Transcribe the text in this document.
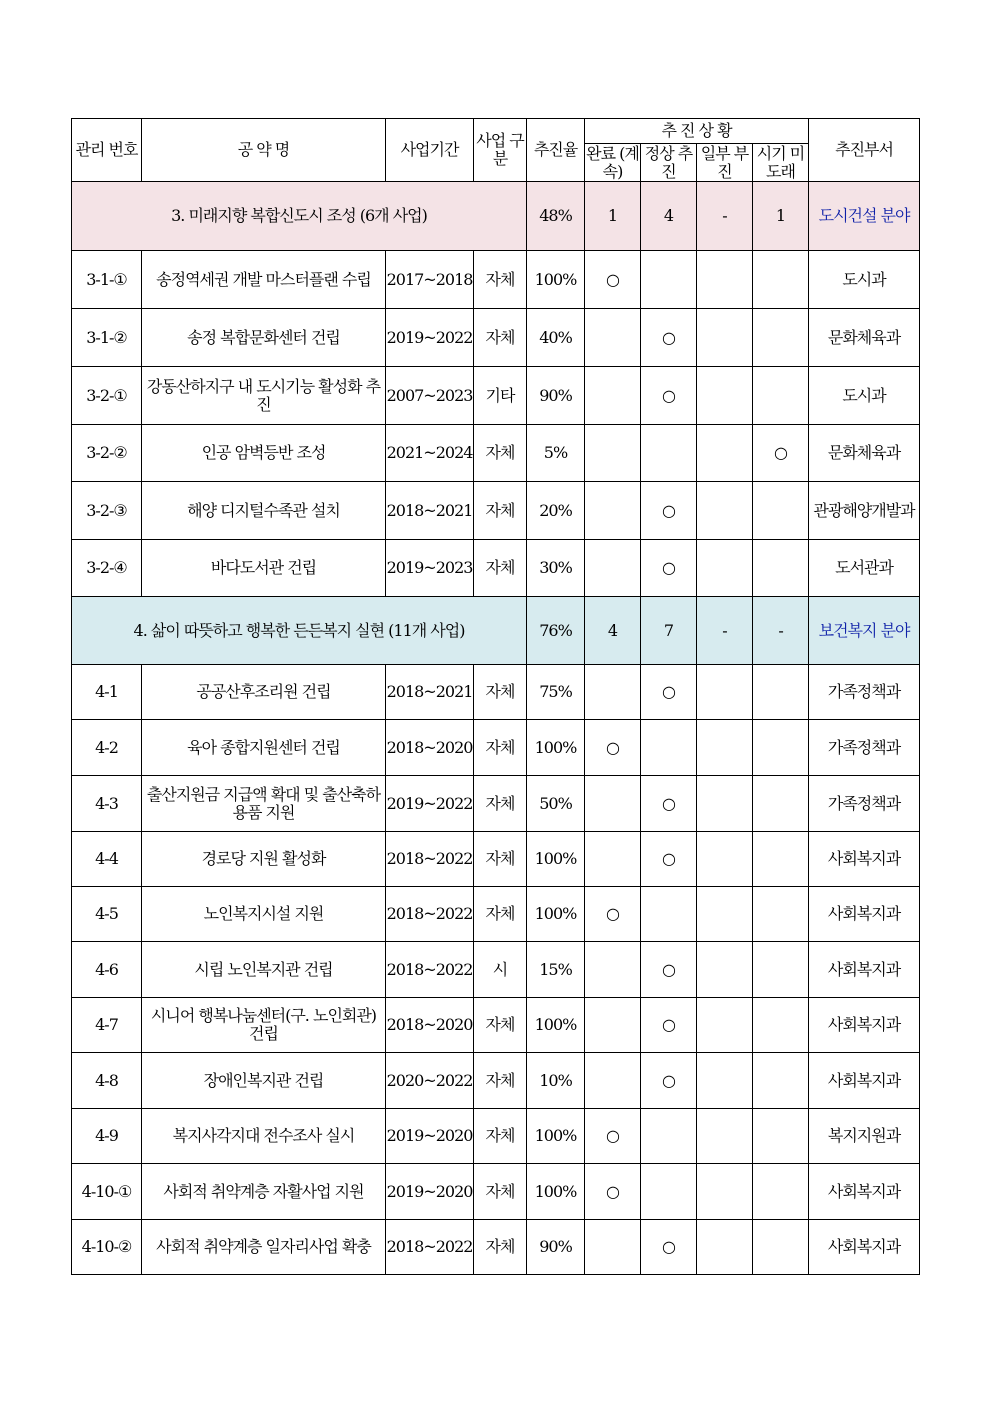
관리 번호	공 약 명	사업기간	사업 구분	추진율	추 진 상 황				추진부서
					완료 (계속)	정상 추진	일부 부진	시기 미도래	
3. 미래지향 복합신도시 조성 (6개 사업)				48%	1	4	-	1	도시건설 분야
3-1-①	송정역세권 개발 마스터플랜 수립	2017~2018	자체	100%	○				도시과
3-1-②	송정 복합문화센터 건립	2019~2022	자체	40%		○			문화체육과
3-2-①	강동산하지구 내 도시기능 활성화 추진	2007~2023	기타	90%		○			도시과
3-2-②	인공 암벽등반 조성	2021~2024	자체	5%				○	문화체육과
3-2-③	해양 디지털수족관 설치	2018~2021	자체	20%		○			관광해양개발과
3-2-④	바다도서관 건립	2019~2023	자체	30%		○			도서관과
4. 삶이 따뜻하고 행복한 든든복지 실현 (11개 사업)				76%	4	7	-	-	보건복지 분야
4-1	공공산후조리원 건립	2018~2021	자체	75%		○			가족정책과
4-2	육아 종합지원센터 건립	2018~2020	자체	100%	○				가족정책과
4-3	출산지원금 지급액 확대 및 출산축하용품 지원	2019~2022	자체	50%		○			가족정책과
4-4	경로당 지원 활성화	2018~2022	자체	100%		○			사회복지과
4-5	노인복지시설 지원	2018~2022	자체	100%	○				사회복지과
4-6	시립 노인복지관 건립	2018~2022	시	15%		○			사회복지과
4-7	시니어 행복나눔센터(구. 노인회관) 건립	2018~2020	자체	100%		○			사회복지과
4-8	장애인복지관 건립	2020~2022	자체	10%		○			사회복지과
4-9	복지사각지대 전수조사 실시	2019~2020	자체	100%	○				복지지원과
4-10-①	사회적 취약계층 자활사업 지원	2019~2020	자체	100%	○				사회복지과
4-10-②	사회적 취약계층 일자리사업 확충	2018~2022	자체	90%		○			사회복지과
